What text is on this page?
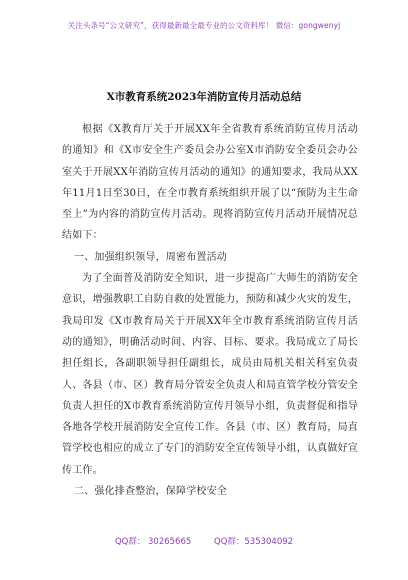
关注头条号“公文研究”，获得最新最全最专业的公文资料库！ 微信：gongwenyj
X市教育系统2023年消防宣传月活动总结

根据《X教育厅关于开展XX年全省教育系统消防宣传月活动的通知》和《X市安全生产委员会办公室X市消防安全委员会办公室关于开展XX年消防宣传月活动的通知》的通知要求，我局从XX年11月1日至30日，在全市教育系统组织开展了以“预防为主生命至上”为内容的消防宣传月活动。现将消防宣传月活动开展情况总结如下：

一、加强组织领导，周密布置活动

为了全面普及消防安全知识，进一步提高广大师生的消防安全意识，增强教职工自防自救的处置能力，预防和减少火灾的发生，我局印发《X市教育局关于开展XX年全市教育系统消防宣传月活动的通知》，明确活动时间、内容、目标、要求。我局成立了局长担任组长，各副职领导担任副组长，成员由局机关相关科室负责人、各县（市、区）教育局分管安全负责人和局直管学校分管安全负责人担任的X市教育系统消防宣传月领导小组，负责督促和指导各地各学校开展消防安全宣传工作。各县（市、区）教育局，局直管学校也相应的成立了专门的消防安全宣传领导小组，认真做好宣传工作。

二、强化排查整治，保障学校安全

QQ群： 30265665	QQ群：535304092
